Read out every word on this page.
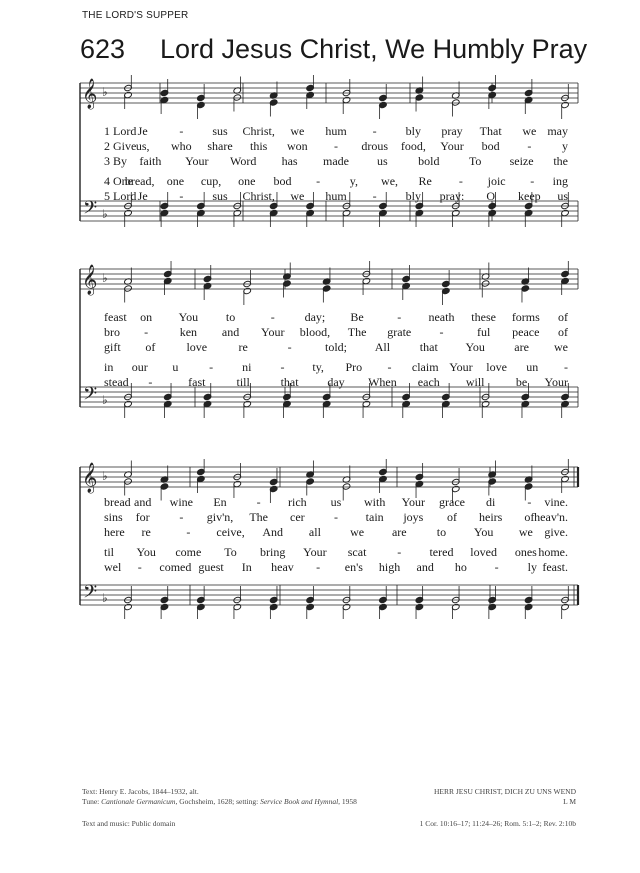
THE LORD'S SUPPER
623 Lord Jesus Christ, We Humbly Pray
𝄞
𝄢
♭
♭
1 Lord Je	- sus Christ, we hum - bly pray That we may
2 Give us, who share this won - drous food, Your bod -	y
3 By faith Your Word has made us	bold To seize the
4 One
bread, one cup, one bod - y, we, Re - joic - ing
5 Lord Je	- sus Christ, we hum - bly pray: O keep us
𝄞
𝄢
♭
♭
feast on You to	- day; Be	- neath these forms of
bro -	ken and Your blood, The grate -	ful peace of
gift of	love	re	-	told; All that You are we
in our u	- ni - ty, Pro - claim Your love un -
stead -	fast	till	that day When each will	be Your
𝄞
𝄢
♭
♭
bread and wine En - rich us with Your grace di	- vine.
sins for - giv'n, The cer - tain joys of heirs of heav'n.
here re	- ceive, And all we are	to You we give.
til You come To bring Your scat	- tered loved ones home.
wel - comed guest In heav - en's high and ho - ly feast.
Text: Henry E. Jacobs, 1844–1932, alt.
Tune: Cantionale Germanicum, Gochsheim, 1628; setting: Service Book and Hymnal, 1958
HERR JESU CHRIST, DICH ZU UNS WEND
L M
Text and music: Public domain	1 Cor. 10:16–17; 11:24–26; Rom. 5:1–2; Rev. 2:10b
